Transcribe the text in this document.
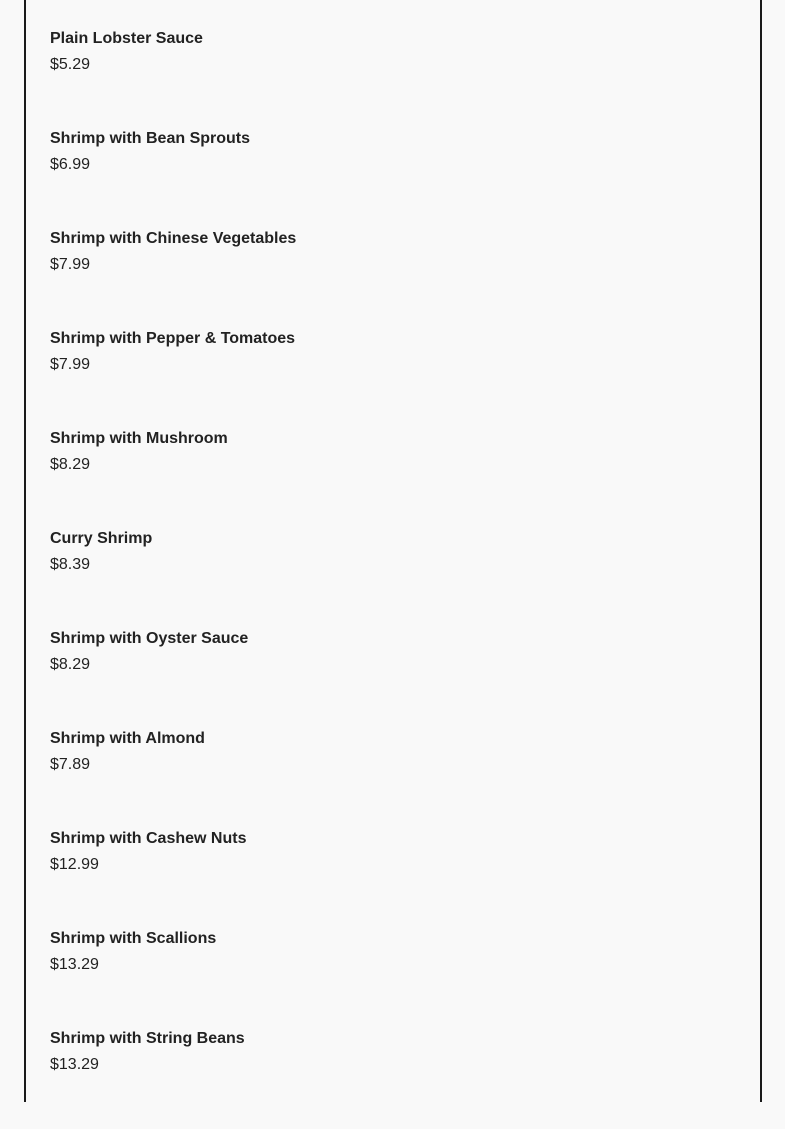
Plain Lobster Sauce
$5.29
Shrimp with Bean Sprouts
$6.99
Shrimp with Chinese Vegetables
$7.99
Shrimp with Pepper & Tomatoes
$7.99
Shrimp with Mushroom
$8.29
Curry Shrimp
$8.39
Shrimp with Oyster Sauce
$8.29
Shrimp with Almond
$7.89
Shrimp with Cashew Nuts
$12.99
Shrimp with Scallions
$13.29
Shrimp with String Beans
$13.29
